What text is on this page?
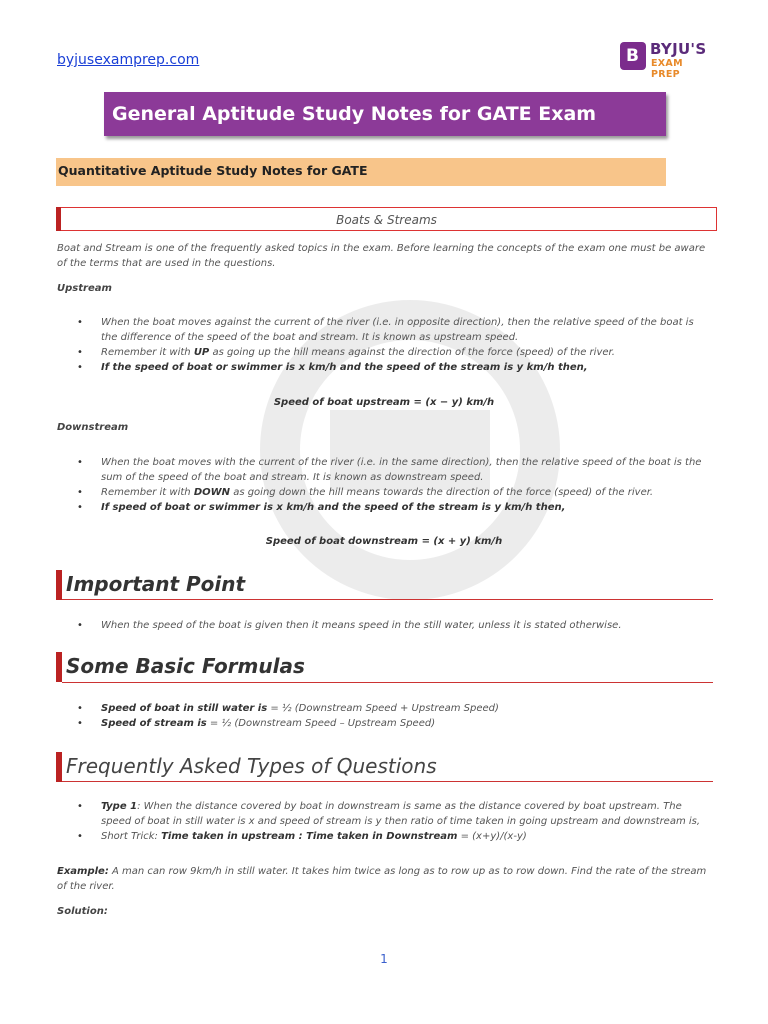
byjusexamprep.com	B BYJU'S
EXAM PREP
General Aptitude Study Notes for GATE Exam
Quantitative Aptitude Study Notes for GATE
Boats & Streams
Boat and Stream is one of the frequently asked topics in the exam. Before learning the concepts of the exam one must be aware of the terms that are used in the questions.
Upstream
• When the boat moves against the current of the river (i.e. in opposite direction), then the relative speed of the boat is the difference of the speed of the boat and stream. It is known as upstream speed.
• Remember it with UP as going up the hill means against the direction of the force (speed) of the river.
• If the speed of boat or swimmer is x km/h and the speed of the stream is y km/h then,
Speed of boat upstream = (x − y) km/h
Downstream
• When the boat moves with the current of the river (i.e. in the same direction), then the relative speed of the boat is the sum of the speed of the boat and stream. It is known as downstream speed.
• Remember it with DOWN as going down the hill means towards the direction of the force (speed) of the river.
• If speed of boat or swimmer is x km/h and the speed of the stream is y km/h then,
Speed of boat downstream = (x + y) km/h
Important Point
• When the speed of the boat is given then it means speed in the still water, unless it is stated otherwise.
Some Basic Formulas
• Speed of boat in still water is = ½ (Downstream Speed + Upstream Speed)
• Speed of stream is = ½ (Downstream Speed – Upstream Speed)
Frequently Asked Types of Questions
• Type 1: When the distance covered by boat in downstream is same as the distance covered by boat upstream. The speed of boat in still water is x and speed of stream is y then ratio of time taken in going upstream and downstream is,
• Short Trick: Time taken in upstream : Time taken in Downstream = (x+y)/(x-y)
Example: A man can row 9km/h in still water. It takes him twice as long as to row up as to row down. Find the rate of the stream of the river.
Solution:
1
